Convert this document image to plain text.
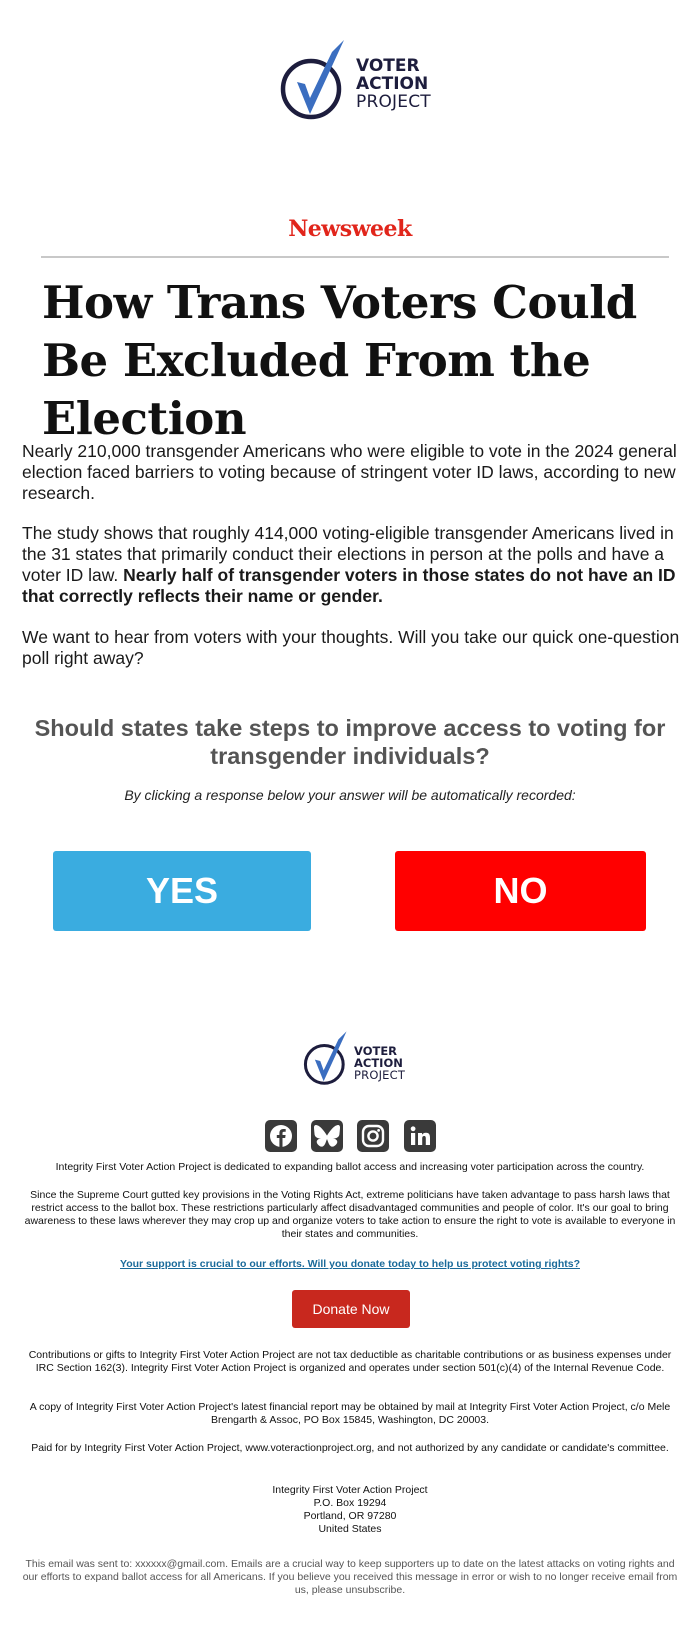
VOTER
ACTION
PROJECT
Newsweek
How Trans Voters Could Be Excluded From the Election

Nearly 210,000 transgender Americans who were eligible to vote in the 2024 general election faced barriers to voting because of stringent voter ID laws, according to new research.

The study shows that roughly 414,000 voting-eligible transgender Americans lived in the 31 states that primarily conduct their elections in person at the polls and have a voter ID law. Nearly half of transgender voters in those states do not have an ID that correctly reflects their name or gender.

We want to hear from voters with your thoughts. Will you take our quick one-question poll right away?

Should states take steps to improve access to voting for transgender individuals?
By clicking a response below your answer will be automatically recorded:
YES	NO
VOTER
ACTION
PROJECT

Integrity First Voter Action Project is dedicated to expanding ballot access and increasing voter participation across the country.

Since the Supreme Court gutted key provisions in the Voting Rights Act, extreme politicians have taken advantage to pass harsh laws that restrict access to the ballot box. These restrictions particularly affect disadvantaged communities and people of color. It's our goal to bring awareness to these laws wherever they may crop up and organize voters to take action to ensure the right to vote is available to everyone in their states and communities.

Your support is crucial to our efforts. Will you donate today to help us protect voting rights?

Donate Now

Contributions or gifts to Integrity First Voter Action Project are not tax deductible as charitable contributions or as business expenses under IRC Section 162(3). Integrity First Voter Action Project is organized and operates under section 501(c)(4) of the Internal Revenue Code.

A copy of Integrity First Voter Action Project's latest financial report may be obtained by mail at Integrity First Voter Action Project, c/o Mele Brengarth & Assoc, PO Box 15845, Washington, DC 20003.

Paid for by Integrity First Voter Action Project, www.voteractionproject.org, and not authorized by any candidate or candidate's committee.

Integrity First Voter Action Project
P.O. Box 19294
Portland, OR 97280
United States

This email was sent to: xxxxxx@gmail.com. Emails are a crucial way to keep supporters up to date on the latest attacks on voting rights and our efforts to expand ballot access for all Americans. If you believe you received this message in error or wish to no longer receive email from us, please unsubscribe.
